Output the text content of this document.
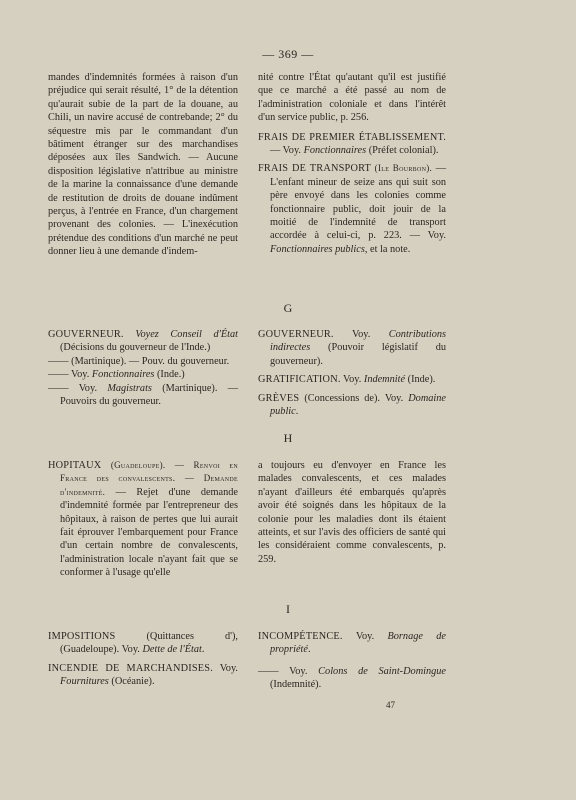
— 369 —

mandes d'indemnités formées à raison d'un préjudice qui serait résulté, 1° de la détention qu'aurait subie de la part de la douane, au Chili, un navire accusé de contrebande; 2° du séquestre mis par le commandant d'un bâtiment étranger sur des marchandises déposées aux îles Sandwich. — Aucune disposition législative n'attribue au ministre de la marine la connaissance d'une demande de restitution de droits de douane indûment perçus, à l'entrée en France, d'un chargement provenant des colonies. — L'inexécution prétendue des conditions d'un marché ne peut donner lieu à une demande d'indem-

nité contre l'État qu'autant qu'il est justifié que ce marché a été passé au nom de l'administration coloniale et dans l'intérêt d'un service public, p. 256.

FRAIS DE PREMIER ÉTABLISSEMENT. — Voy. Fonctionnaires (Préfet colonial).

FRAIS DE TRANSPORT (Ile Bourbon). — L'enfant mineur de seize ans qui suit son père envoyé dans les colonies comme fonctionnaire public, doit jouir de la moitié de l'indemnité de transport accordée à celui-ci, p. 223. — Voy. Fonctionnaires publics, et la note.

G

GOUVERNEUR. Voyez Conseil d'État (Décisions du gouverneur de l'Inde.)

—— (Martinique). — Pouv. du gouverneur.

—— Voy. Fonctionnaires (Inde.)

—— Voy. Magistrats (Martinique). — Pouvoirs du gouverneur.

GOUVERNEUR. Voy. Contributions indirectes (Pouvoir législatif du gouverneur).

GRATIFICATION. Voy. Indemnité (Inde).

GRÈVES (Concessions de). Voy. Domaine public.

H

HOPITAUX (Guadeloupe). — Renvoi en France des convalescents. — Demande d'indemnité. — Rejet d'une demande d'indemnité formée par l'entrepreneur des hôpitaux, à raison de pertes que lui aurait fait éprouver l'embarquement pour France d'un certain nombre de convalescents, l'administration locale n'ayant fait que se conformer à l'usage qu'elle

a toujours eu d'envoyer en France les malades convalescents, et ces malades n'ayant d'ailleurs été embarqués qu'après avoir été soignés dans les hôpitaux de la colonie pour les maladies dont ils étaient atteints, et sur l'avis des officiers de santé qui les considéraient comme convalescents, p. 259.

I

IMPOSITIONS	(Quittances d'), (Guadeloupe). Voy. Dette de l'État.

INCENDIE DE MARCHANDISES. Voy. Fournitures (Océanie).

INCOMPÉTENCE. Voy. Bornage de propriété.

—— Voy. Colons de Saint-Domingue (Indemnité).

47
